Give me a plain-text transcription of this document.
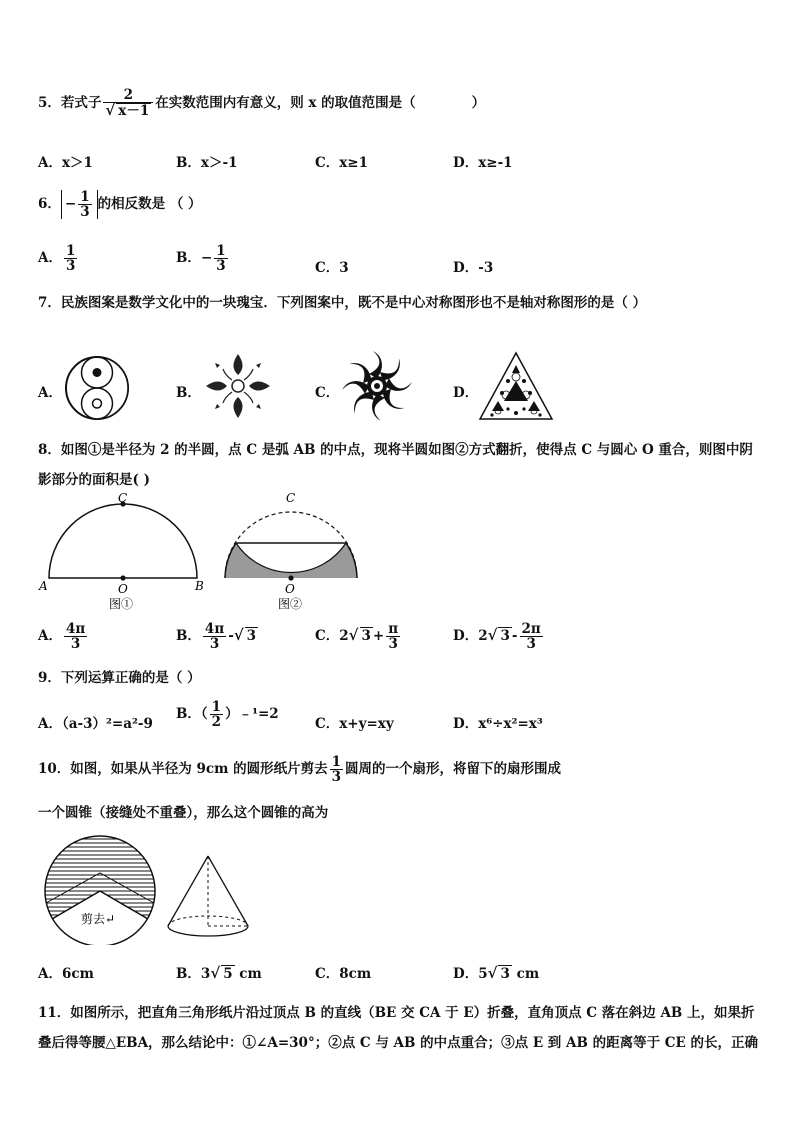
5．若式子 $\frac{2}{√ x-1}$ 在实数范围内有意义，则 x 的取值范围是（	）
A．x＞1	B．x＞-1	C．x≥1	D．x≥-1
6． − $\frac{1}{3}$ 的相反数是 （ ）
A． $\frac{1}{3}$	B．− $\frac{1}{3}$	C．3	D．-3
7．民族图案是数学文化中的一块瑰宝．下列图案中，既不是中心对称图形也不是轴对称图形的是（ ）
A．	B．	C．	D．
8．如图①是半径为 2 的半圆，点 C 是弧 AB 的中点，现将半圆如图②方式翻折，使得点 C 与圆心 O 重合，则图中阴
影部分的面积是( )
C
A	B
O
图①
C
O
图②
A． $\frac{4\pi}{3}$	B． $\frac{4\pi}{3}$ -√ 3	C．2√ $3 + \frac{\pi}{3}$	D．2√ $3 - \frac{2\pi}{3}$
9．下列运算正确的是（ ）
A．（a-3）²=a²-9
B．（ $\frac{1}{2}$ ）﹣¹=2
C．x+y=xy	D．x⁶÷x²=x³
10．如图，如果从半径为 9cm 的圆形纸片剪去 $\frac{1}{3}$ 圆周的一个扇形，将留下的扇形围成
一个圆锥（接缝处不重叠），那么这个圆锥的高为
剪去↵
A．6cm	B．3√ 5 cm	C．8cm	D．5√ 3 cm
11．如图所示，把直角三角形纸片沿过顶点 B 的直线（BE 交 CA 于 E）折叠，直角顶点 C 落在斜边 AB 上，如果折
叠后得等腰△EBA，那么结论中：①∠A=30°；②点 C 与 AB 的中点重合；③点 E 到 AB 的距离等于 CE 的长，正确
